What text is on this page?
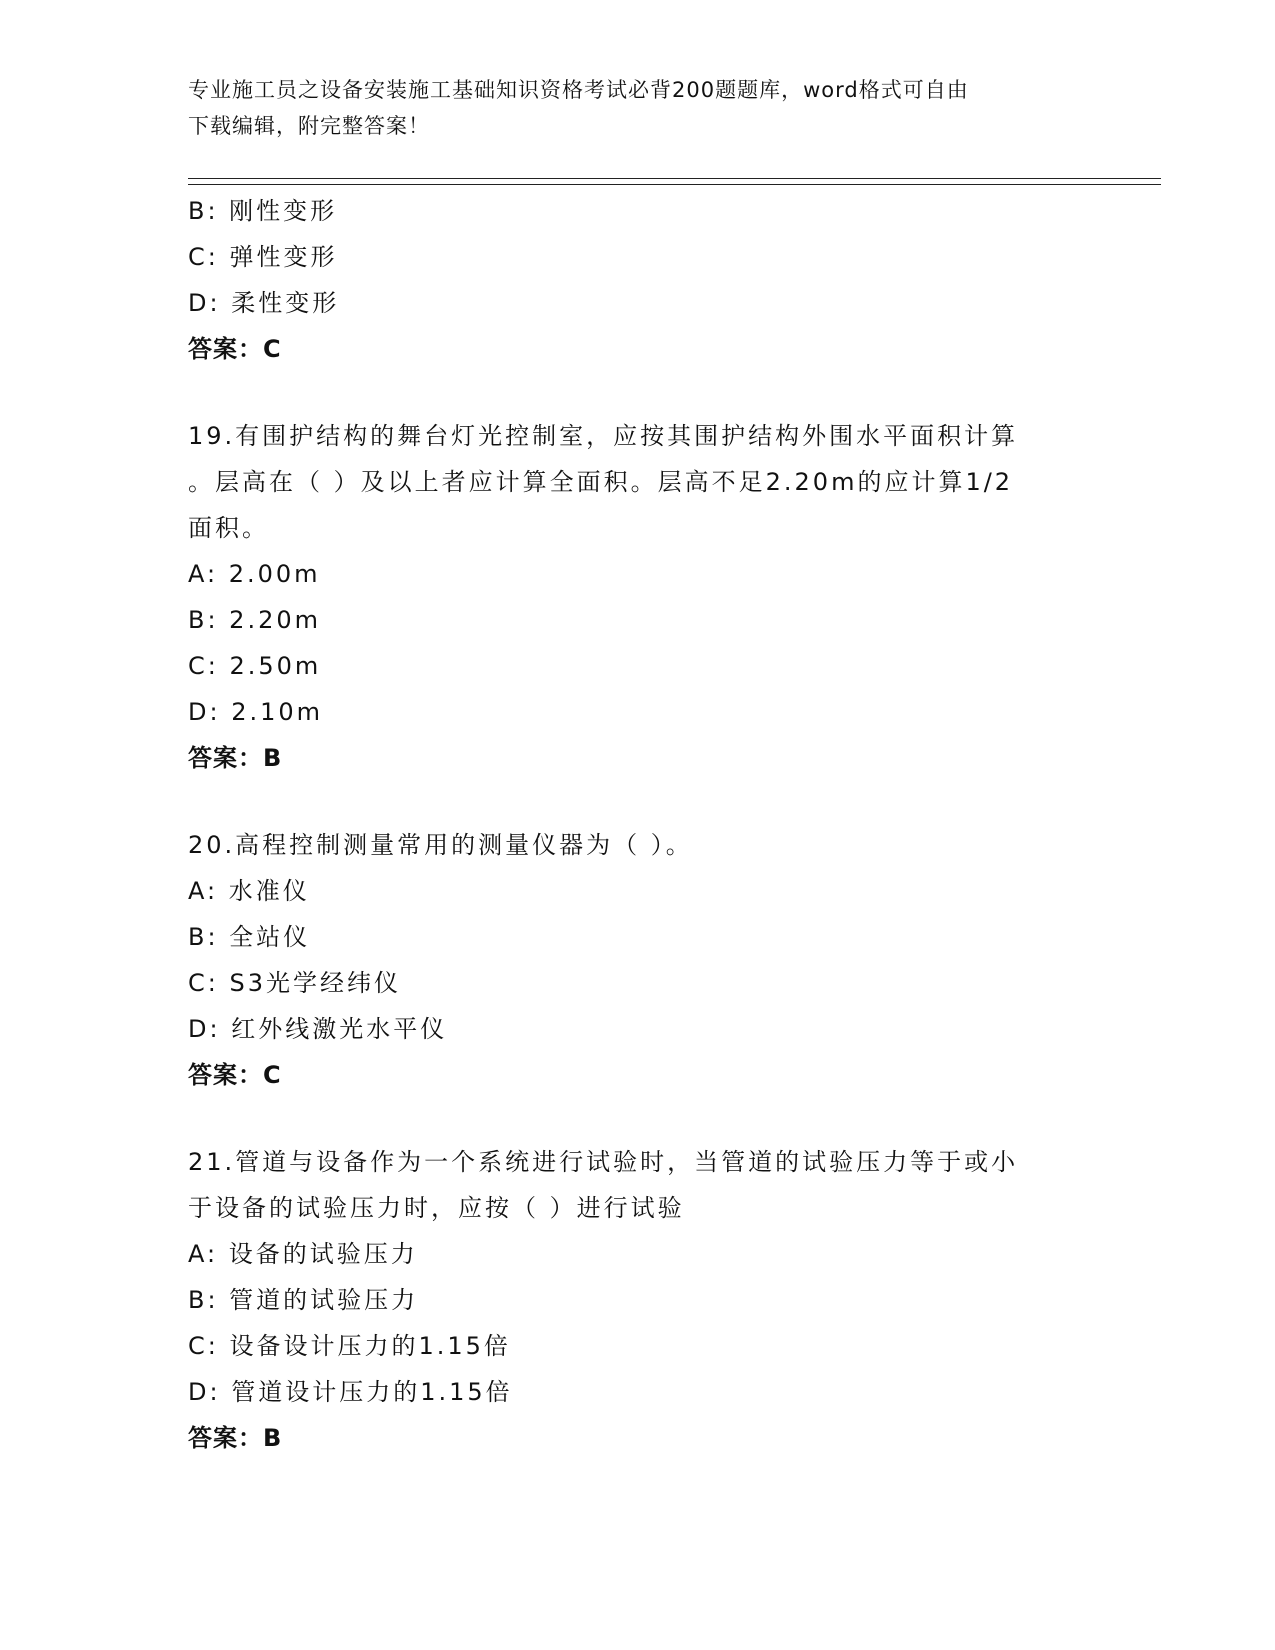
专业施工员之设备安装施工基础知识资格考试必背200题题库，word格式可自由
下载编辑，附完整答案！
B: 刚性变形
C: 弹性变形
D: 柔性变形
答案：C
19.有围护结构的舞台灯光控制室，应按其围护结构外围水平面积计算
。层高在（ ）及以上者应计算全面积。层高不足2.20m的应计算1/2
面积。
A: 2.00m
B: 2.20m
C: 2.50m
D: 2.10m
答案：B
20.高程控制测量常用的测量仪器为（ ）。
A: 水准仪
B: 全站仪
C: S3光学经纬仪
D: 红外线激光水平仪
答案：C
21.管道与设备作为一个系统进行试验时，当管道的试验压力等于或小
于设备的试验压力时，应按（ ）进行试验
A: 设备的试验压力
B: 管道的试验压力
C: 设备设计压力的1.15倍
D: 管道设计压力的1.15倍
答案：B
